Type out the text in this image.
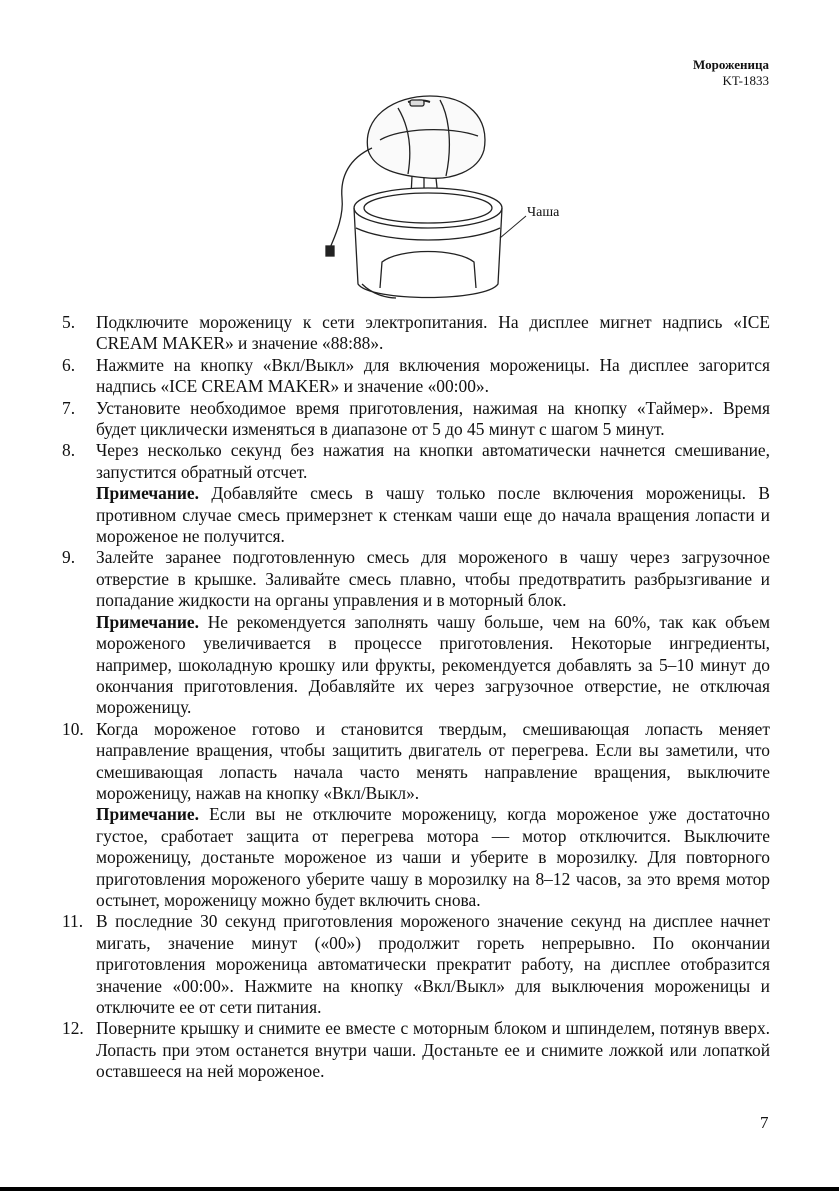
Мороженица
KT-1833
Чаша
5.	Подключите мороженицу к сети электропитания. На дисплее мигнет надпись «ICE CREAM MAKER» и значение «88:88».
6.	Нажмите на кнопку «Вкл/Выкл» для включения мороженицы. На дисплее загорится надпись «ICE CREAM MAKER» и значение «00:00».
7.	Установите необходимое время приготовления, нажимая на кнопку «Таймер». Время будет циклически изменяться в диапазоне от 5 до 45 минут с шагом 5 минут.
8.	Через несколько секунд без нажатия на кнопки автоматически начнется смешивание, запустится обратный отсчет.
Примечание. Добавляйте смесь в чашу только после включения мороженицы. В противном случае смесь примерзнет к стенкам чаши еще до начала вращения лопасти и мороженое не получится.
9.	Залейте заранее подготовленную смесь для мороженого в чашу через загрузочное отверстие в крышке. Заливайте смесь плавно, чтобы предотвратить разбрызгивание и попадание жидкости на органы управления и в моторный блок.
Примечание. Не рекомендуется заполнять чашу больше, чем на 60%, так как объем мороженого увеличивается в процессе приготовления. Некоторые ингредиенты, например, шоколадную крошку или фрукты, рекомендуется добавлять за 5–10 минут до окончания приготовления. Добавляйте их через загрузочное отверстие, не отключая мороженицу.
10. Когда мороженое готово и становится твердым, смешивающая лопасть меняет направление вращения, чтобы защитить двигатель от перегрева. Если вы заметили, что смешивающая лопасть начала часто менять направление вращения, выключите мороженицу, нажав на кнопку «Вкл/Выкл».
Примечание. Если вы не отключите мороженицу, когда мороженое уже достаточно густое, сработает защита от перегрева мотора — мотор отключится. Выключите мороженицу, достаньте мороженое из чаши и уберите в морозилку. Для повторного приготовления мороженого уберите чашу в морозилку на 8–12 часов, за это время мотор остынет, мороженицу можно будет включить снова.
11. В последние 30 секунд приготовления мороженого значение секунд на дисплее начнет мигать, значение минут («00») продолжит гореть непрерывно. По окончании приготовления мороженица автоматически прекратит работу, на дисплее отобразится значение «00:00». Нажмите на кнопку «Вкл/Выкл» для выключения мороженицы и отключите ее от сети питания.
12. Поверните крышку и снимите ее вместе с моторным блоком и шпинделем, потянув вверх. Лопасть при этом останется внутри чаши. Достаньте ее и снимите ложкой или лопаткой оставшееся на ней мороженое.
7
